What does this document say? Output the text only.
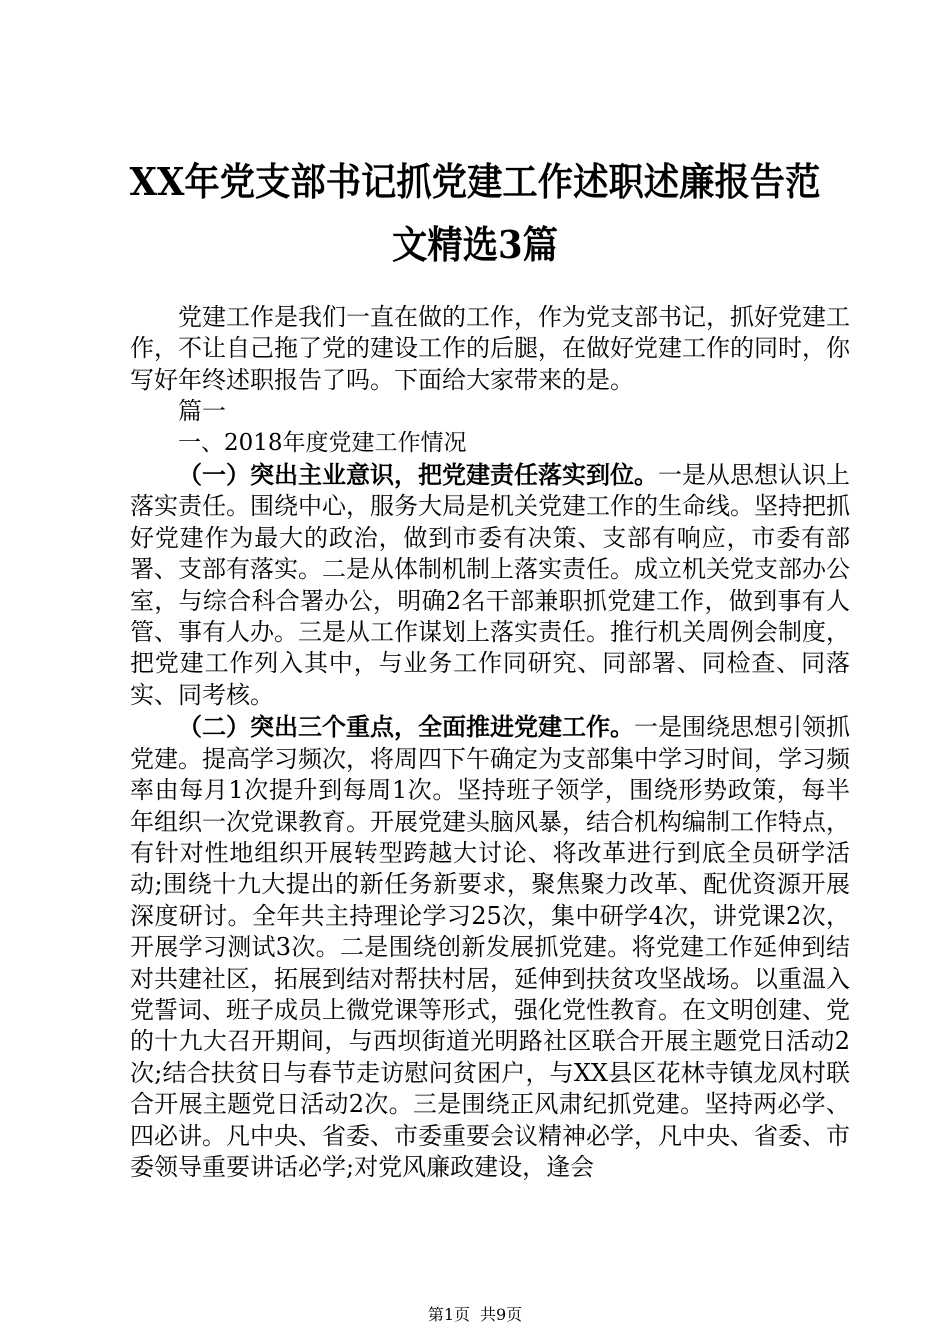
XX年党支部书记抓党建工作述职述廉报告范
文精选3篇

党建工作是我们一直在做的工作，作为党支部书记，抓好党建工作，不让自己拖了党的建设工作的后腿，在做好党建工作的同时，你写好年终述职报告了吗。下面给大家带来的是。

篇一

一、2018年度党建工作情况

（一）突出主业意识，把党建责任落实到位。一是从思想认识上落实责任。围绕中心，服务大局是机关党建工作的生命线。坚持把抓好党建作为最大的政治，做到市委有决策、支部有响应，市委有部署、支部有落实。二是从体制机制上落实责任。成立机关党支部办公室，与综合科合署办公，明确2名干部兼职抓党建工作，做到事有人管、事有人办。三是从工作谋划上落实责任。推行机关周例会制度，把党建工作列入其中，与业务工作同研究、同部署、同检查、同落实、同考核。

（二）突出三个重点，全面推进党建工作。一是围绕思想引领抓党建。提高学习频次，将周四下午确定为支部集中学习时间，学习频率由每月1次提升到每周1次。坚持班子领学，围绕形势政策，每半年组织一次党课教育。开展党建头脑风暴，结合机构编制工作特点，有针对性地组织开展转型跨越大讨论、将改革进行到底全员研学活动;围绕十九大提出的新任务新要求，聚焦聚力改革、配优资源开展深度研讨。全年共主持理论学习25次，集中研学4次，讲党课2次，开展学习测试3次。二是围绕创新发展抓党建。将党建工作延伸到结对共建社区，拓展到结对帮扶村居，延伸到扶贫攻坚战场。以重温入党誓词、班子成员上微党课等形式，强化党性教育。在文明创建、党的十九大召开期间，与西坝街道光明路社区联合开展主题党日活动2次;结合扶贫日与春节走访慰问贫困户，与XX县区花林寺镇龙凤村联合开展主题党日活动2次。三是围绕正风肃纪抓党建。坚持两必学、四必讲。凡中央、省委、市委重要会议精神必学，凡中央、省委、市委领导重要讲话必学;对党风廉政建设，逢会

第1页 共9页
